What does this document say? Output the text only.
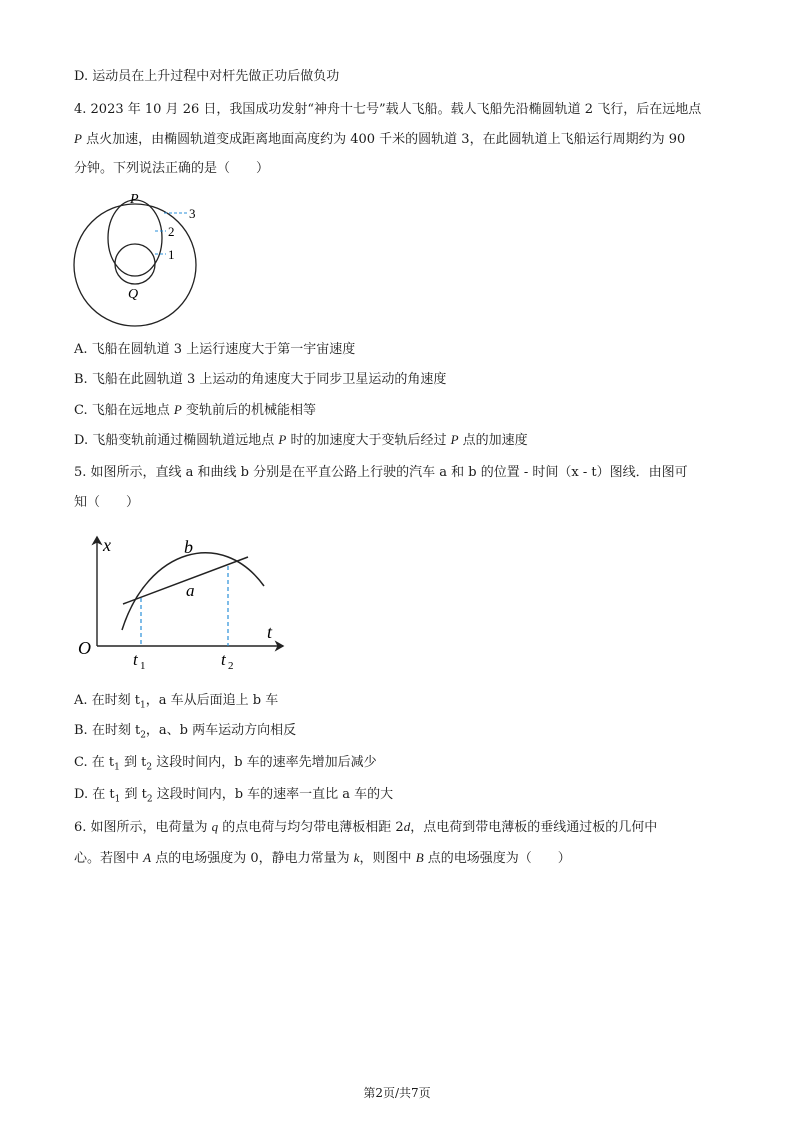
D. 运动员在上升过程中对杆先做正功后做负功
4. 2023 年 10 月 26 日，我国成功发射“神舟十七号”载人飞船。载人飞船先沿椭圆轨道 2 飞行，后在远地点
P 点火加速，由椭圆轨道变成距离地面高度约为 400 千米的圆轨道 3，在此圆轨道上飞船运行周期约为 90
分钟。下列说法正确的是（　　）
P
3
2
1
Q
A. 飞船在圆轨道 3 上运行速度大于第一宇宙速度
B. 飞船在此圆轨道 3 上运动的角速度大于同步卫星运动的角速度
C. 飞船在远地点 P 变轨前后的机械能相等
D. 飞船变轨前通过椭圆轨道远地点 P 时的加速度大于变轨后经过 P 点的加速度
5. 如图所示，直线 a 和曲线 b 分别是在平直公路上行驶的汽车 a 和 b 的位置 - 时间（x - t）图线．由图可
知（　　）
x	b
a
O
t
t 1	t 2
A. 在时刻 $t_1$，a 车从后面追上 b 车
B. 在时刻 $t_2$，a、b 两车运动方向相反
C. 在 $t_1$ 到 $t_2$ 这段时间内，b 车的速率先增加后减少
D. 在 $t_1$ 到 $t_2$ 这段时间内，b 车的速率一直比 a 车的大
6. 如图所示，电荷量为 q 的点电荷与均匀带电薄板相距 2d，点电荷到带电薄板的垂线通过板的几何中
心。若图中 A 点的电场强度为 0，静电力常量为 k，则图中 B 点的电场强度为（　　）
第2页/共7页
